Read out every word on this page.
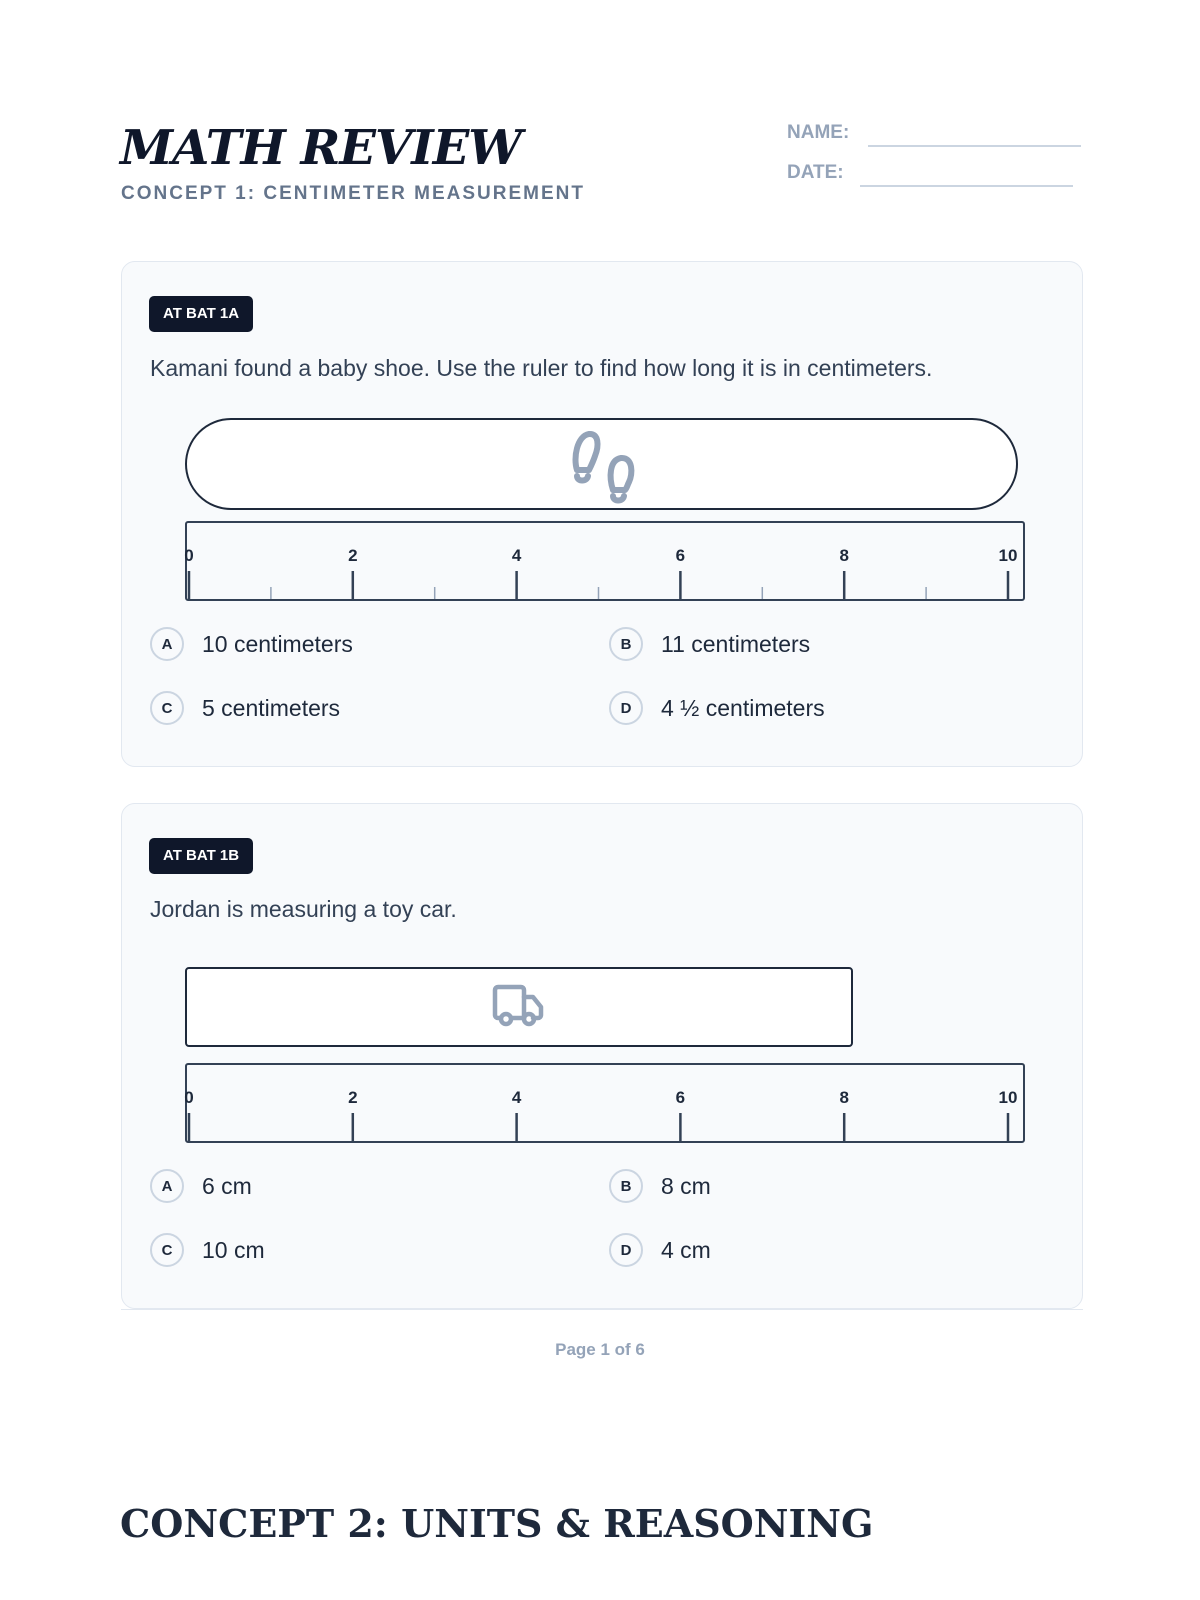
MATH REVIEW
CONCEPT 1: CENTIMETER MEASUREMENT
NAME:
DATE:
AT BAT 1A
Kamani found a baby shoe. Use the ruler to find how long it is in centimeters.
0	2	4	6	8	10
A	10 centimeters	B	11 centimeters
C	5 centimeters	D	4 ½ centimeters
AT BAT 1B
Jordan is measuring a toy car.
0	2	4	6	8	10
A	6 cm	B	8 cm
C	10 cm	D	4 cm
Page 1 of 6
CONCEPT 2: UNITS & REASONING
